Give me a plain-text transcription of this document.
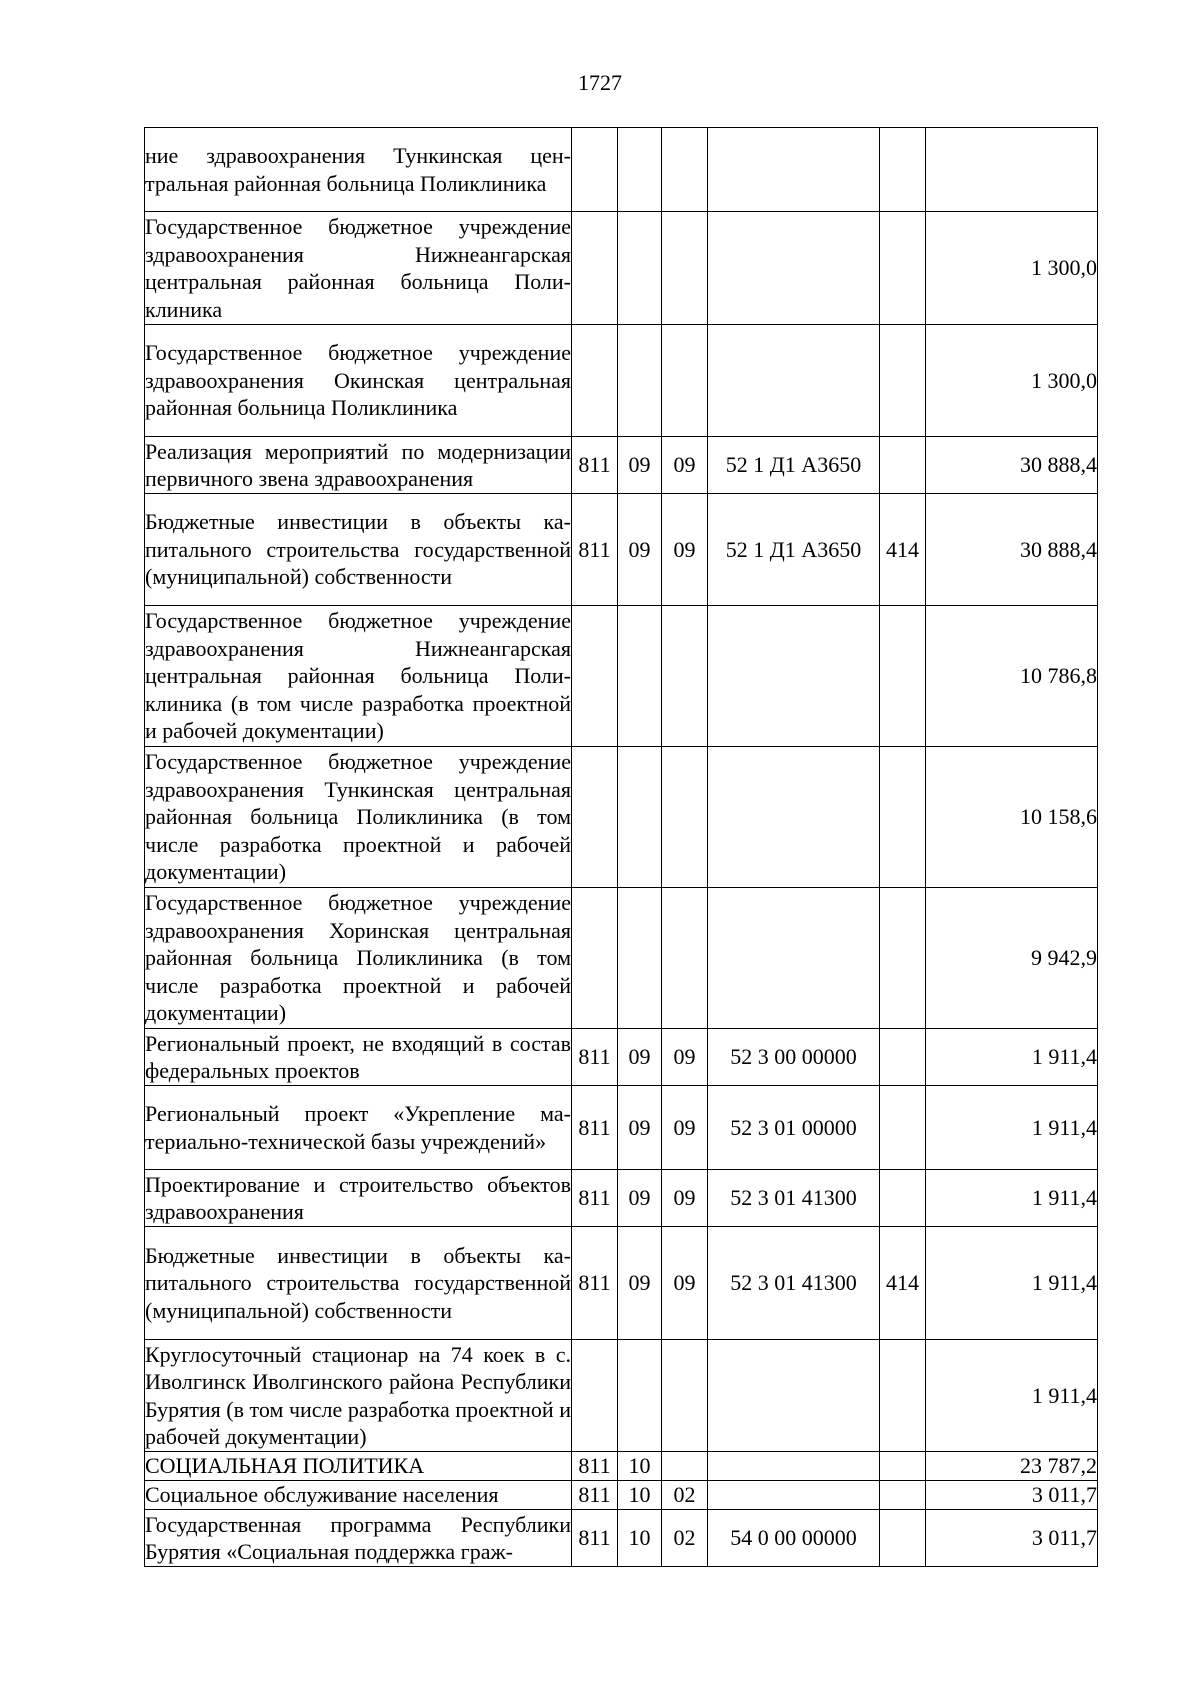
1727
ние здравоохранения Тункинская центральная районная больница Поликлиника						
Государственное бюджетное учреждение здравоохранения Нижнеангарская центральная районная больница Поликлиника						1 300,0
Государственное бюджетное учреждение здравоохранения Окинская центральная районная больница Поликлиника						1 300,0
Реализация мероприятий по модернизации первичного звена здравоохранения	811	09	09	52 1 Д1 А3650		30 888,4
Бюджетные инвестиции в объекты капитального строительства государственной (муниципальной) собственности	811	09	09	52 1 Д1 А3650	414	30 888,4
Государственное бюджетное учреждение здравоохранения Нижнеангарская центральная районная больница Поликлиника (в том числе разработка проектной и рабочей документации)						10 786,8
Государственное бюджетное учреждение здравоохранения Тункинская центральная районная больница Поликлиника (в том числе разработка проектной и рабочей документации)						10 158,6
Государственное бюджетное учреждение здравоохранения Хоринская центральная районная больница Поликлиника (в том числе разработка проектной и рабочей документации)						9 942,9
Региональный проект, не входящий в состав федеральных проектов	811	09	09	52 3 00 00000		1 911,4
Региональный проект «Укрепление материально-технической базы учреждений»	811	09	09	52 3 01 00000		1 911,4
Проектирование и строительство объектов здравоохранения	811	09	09	52 3 01 41300		1 911,4
Бюджетные инвестиции в объекты капитального строительства государственной (муниципальной) собственности	811	09	09	52 3 01 41300	414	1 911,4
Круглосуточный стационар на 74 коек в с. Иволгинск Иволгинского района Республики Бурятия (в том числе разработка проектной и рабочей документации)						1 911,4
СОЦИАЛЬНАЯ ПОЛИТИКА	811	10				23 787,2
Социальное обслуживание населения	811	10	02			3 011,7
Государственная программа Республики Бурятия «Социальная поддержка граж-	811	10	02	54 0 00 00000		3 011,7
